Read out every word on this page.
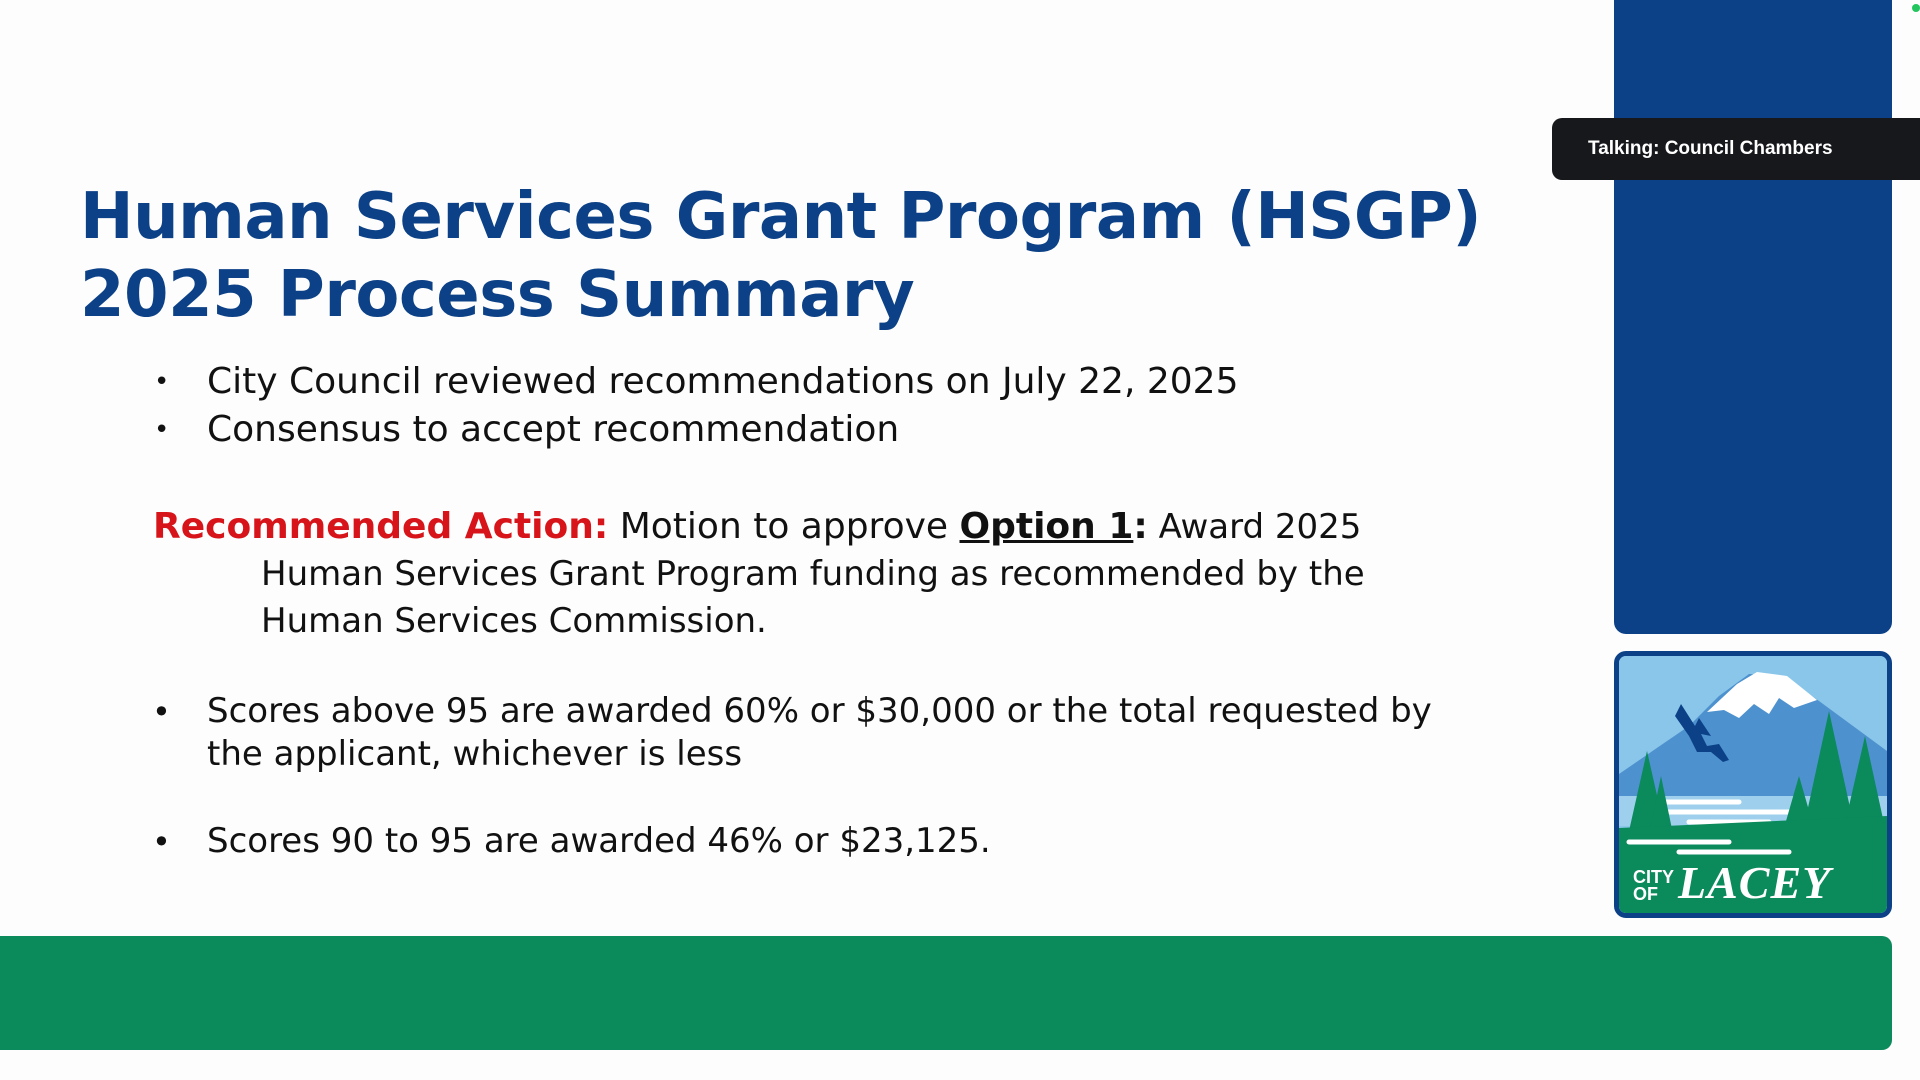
Talking: Council Chambers
Human Services Grant Program (HSGP)
2025 Process Summary
• City Council reviewed recommendations on July 22, 2025
• Consensus to accept recommendation
Recommended Action: Motion to approve Option 1: Award 2025
Human Services Grant Program funding as recommended by the
Human Services Commission.
• Scores above 95 are awarded 60% or $30,000 or the total requested by
the applicant, whichever is less
• Scores 90 to 95 are awarded 46% or $23,125.
CITY
OF LACEY
